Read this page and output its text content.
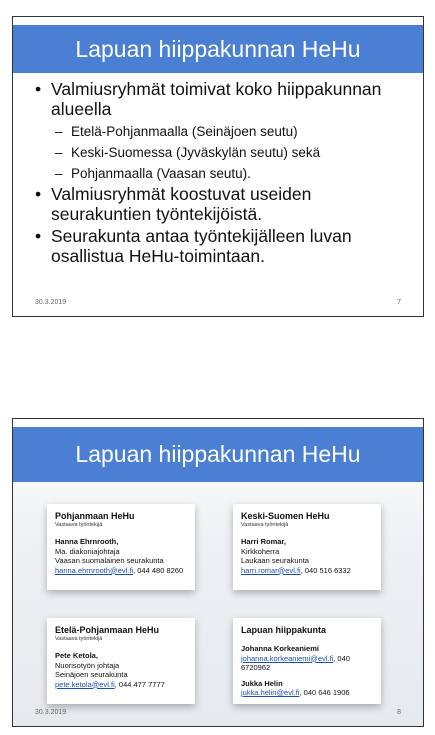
Lapuan hiippakunnan HeHu
• Valmiusryhmät toimivat koko hiippakunnan alueella
– Etelä-Pohjanmaalla (Seinäjoen seutu)
– Keski-Suomessa (Jyväskylän seutu) sekä
– Pohjanmaalla (Vaasan seutu).
• Valmiusryhmät koostuvat useiden seurakuntien työntekijöistä.
• Seurakunta antaa työntekijälleen luvan osallistua HeHu-toimintaan.
30.3.2019	7
Lapuan hiippakunnan HeHu
Pohjanmaan HeHu
Vastaava työntekijä
Hanna Ehrnrooth,
Ma. diakoniajohtaja
Vaasan suomalainen seurakunta
hanna.ehrnrooth@evl.fi, 044 480 8260
Keski-Suomen HeHu
Vastaava työntekijä
Harri Romar,
Kirkkoherra
Laukaan seurakunta
harri.romar@evl.fi, 040 516 6332
Etelä-Pohjanmaan HeHu
Vastaava työntekijä
Pete Ketola,
Nuorisotyön johtaja
Seinäjoen seurakunta
pete.ketola@evl.fi, 044 477 7777
Lapuan hiippakunta
Johanna Korkeaniemi
johanna.korkeaniemi@evl.fi, 040 6720962
Jukka Helin
jukka.helin@evl.fi, 040 646 1906
30.3.2019	8
